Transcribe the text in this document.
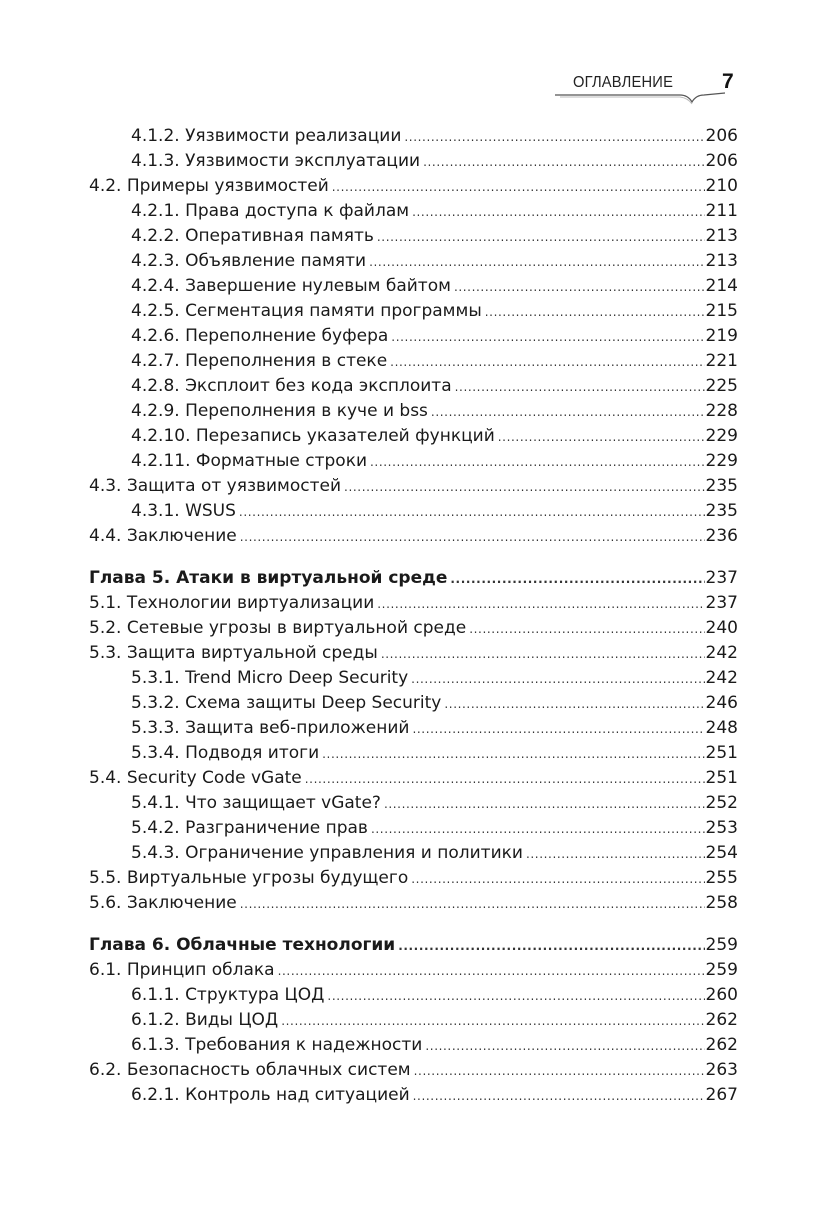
ОГЛАВЛЕНИЕ 7
4.1.2. Уязвимости реализации .....	206
4.1.3. Уязвимости эксплуатации .....	206
4.2. Примеры уязвимостей .....	210
4.2.1. Права доступа к файлам .....	211
4.2.2. Оперативная память .....	213
4.2.3. Объявление памяти .....	213
4.2.4. Завершение нулевым байтом .....	214
4.2.5. Сегментация памяти программы .....	215
4.2.6. Переполнение буфера .....	219
4.2.7. Переполнения в стеке .....	221
4.2.8. Эксплоит без кода эксплоита .....	225
4.2.9. Переполнения в куче и bss .....	228
4.2.10. Перезапись указателей функций .....	229
4.2.11. Форматные строки .....	229
4.3. Защита от уязвимостей .....	235
4.3.1. WSUS .....	235
4.4. Заключение .....	236
Глава 5. Атаки в виртуальной среде .....	237
5.1. Технологии виртуализации .....	237
5.2. Сетевые угрозы в виртуальной среде .....	240
5.3. Защита виртуальной среды .....	242
5.3.1. Trend Micro Deep Security .....	242
5.3.2. Схема защиты Deep Security .....	246
5.3.3. Защита веб-приложений .....	248
5.3.4. Подводя итоги .....	251
5.4. Security Code vGate .....	251
5.4.1. Что защищает vGate? .....	252
5.4.2. Разграничение прав .....	253
5.4.3. Ограничение управления и политики .....	254
5.5. Виртуальные угрозы будущего .....	255
5.6. Заключение .....	258
Глава 6. Облачные технологии .....	259
6.1. Принцип облака .....	259
6.1.1. Структура ЦОД .....	260
6.1.2. Виды ЦОД .....	262
6.1.3. Требования к надежности .....	262
6.2. Безопасность облачных систем .....	263
6.2.1. Контроль над ситуацией .....	267
